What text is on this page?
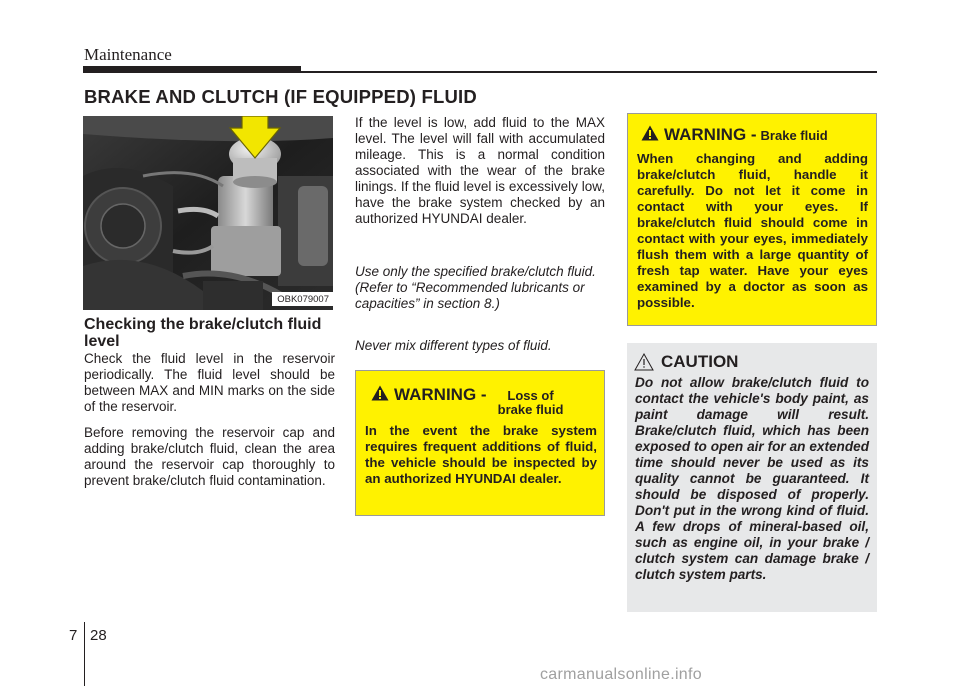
Maintenance
BRAKE AND CLUTCH (IF EQUIPPED) FLUID
OBK079007
Checking the brake/clutch fluid level
Check the fluid level in the reservoir periodically. The fluid level should be between MAX and MIN marks on the side of the reservoir.
Before removing the reservoir cap and adding brake/clutch fluid, clean the area around the reservoir cap thoroughly to prevent brake/clutch fluid contamination.
If the level is low, add fluid to the MAX level. The level will fall with accumulated mileage. This is a normal condition associated with the wear of the brake linings. If the fluid level is excessively low, have the brake system checked by an authorized HYUNDAI dealer.
Use only the specified brake/clutch fluid. (Refer to “Recommended lubricants or capacities” in section 8.)
Never mix different types of fluid.
WARNING -	Loss of brake fluid
In the event the brake system requires frequent additions of fluid, the vehicle should be inspected by an authorized HYUNDAI dealer.
WARNING - Brake fluid
When changing and adding brake/clutch fluid, handle it carefully. Do not let it come in contact with your eyes. If brake/clutch fluid should come in contact with your eyes, immediately flush them with a large quantity of fresh tap water. Have your eyes examined by a doctor as soon as possible.
CAUTION
Do not allow brake/clutch fluid to contact the vehicle's body paint, as paint damage will result. Brake/clutch fluid, which has been exposed to open air for an extended time should never be used as its quality cannot be guaranteed. It should be disposed of properly. Don't put in the wrong kind of fluid. A few drops of mineral-based oil, such as engine oil, in your brake / clutch system can damage brake / clutch system parts.
7 28
carmanualsonline.info
